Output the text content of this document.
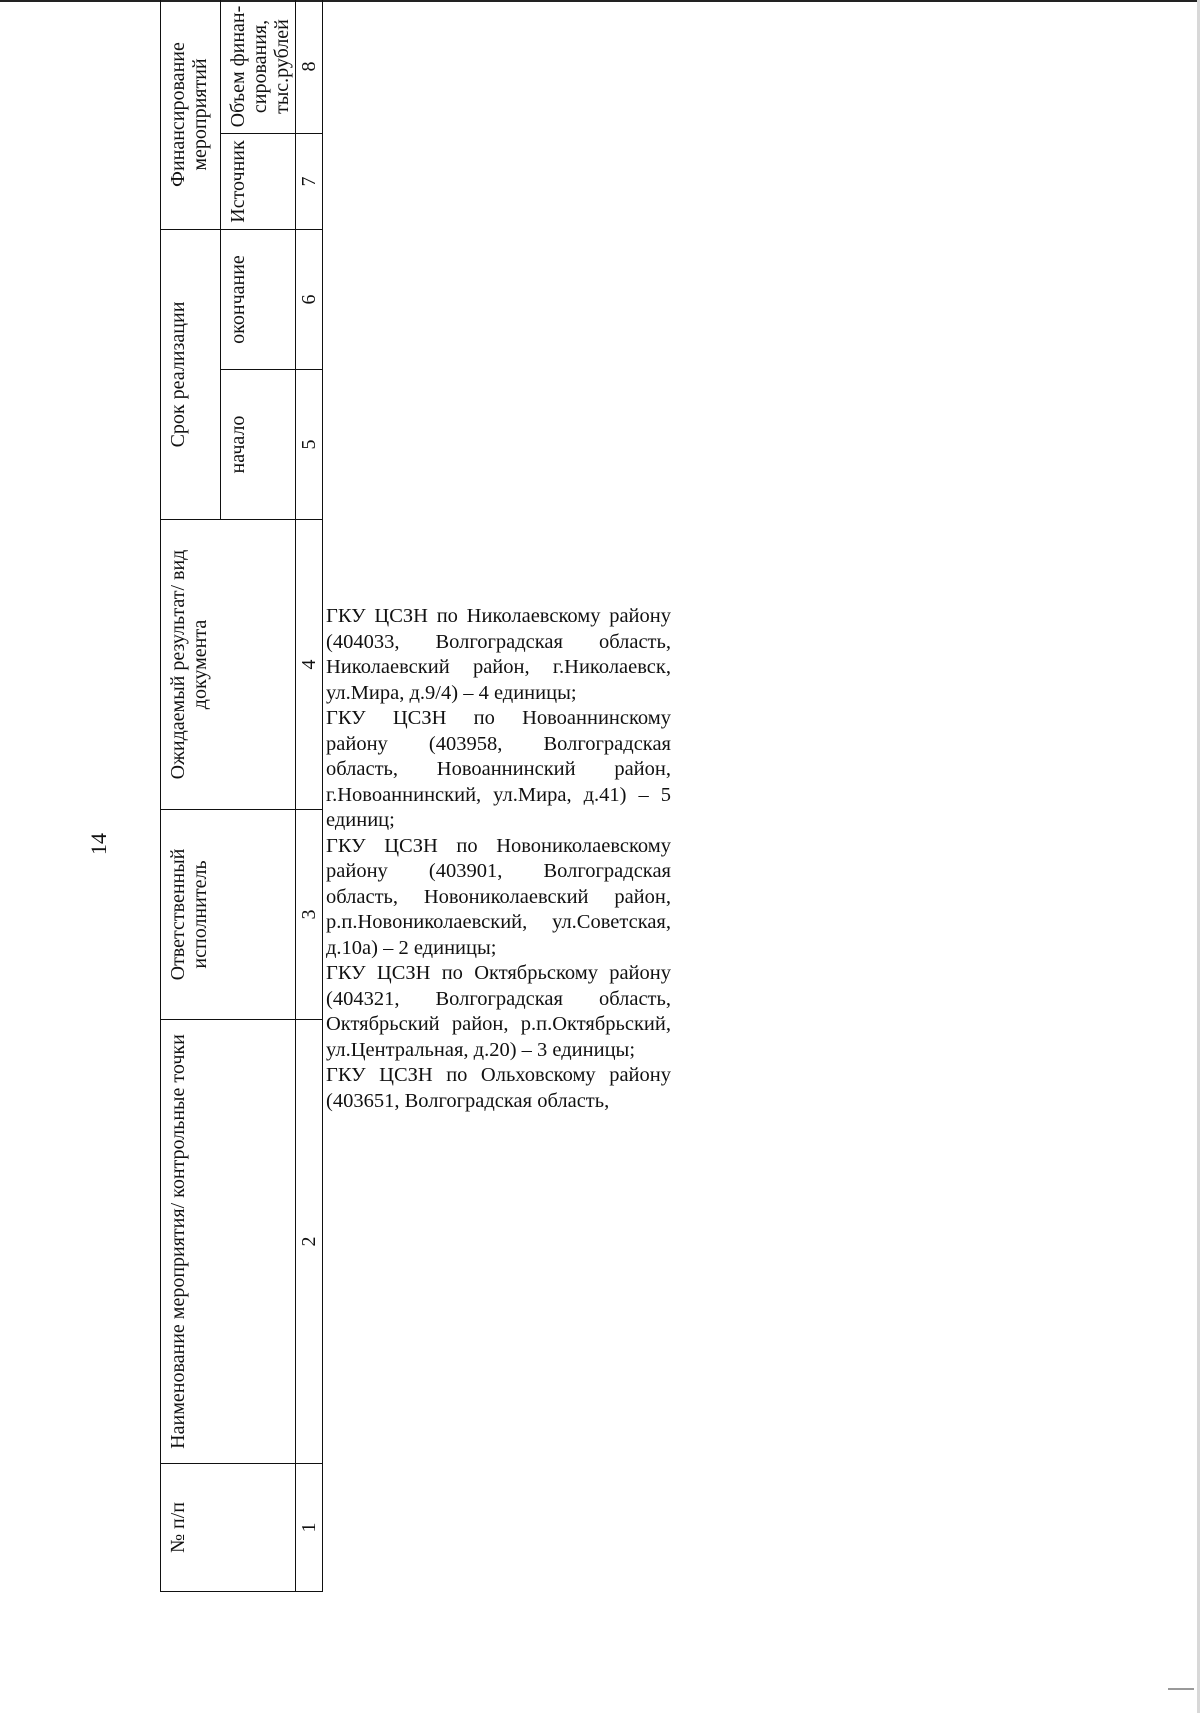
14
№ п/п	Наименование мероприятия/ контрольные точки	Ответственный исполнитель	Ожидаемый результат/ вид документа	Срок реализации		Финансирование мероприятий	
				начало	окончание	Источник	Объем финан- сирования, тыс.рублей
1	2	3	4	5	6	7	8

ГКУ ЦСЗН по Николаевскому району (404033, Волгоградская область, Николаевский район, г.Николаевск, ул.Мира, д.9/4) – 4 единицы;

ГКУ ЦСЗН по Новоаннинскому району (403958, Волгоградская область, Новоаннинский район, г.Новоаннинский, ул.Мира, д.41) – 5 единиц;

ГКУ ЦСЗН по Новониколаевскому району (403901, Волгоградская область, Новониколаевский район, р.п.Новониколаевский, ул.Советская, д.10а) – 2 единицы;

ГКУ ЦСЗН по Октябрьскому району (404321, Волгоградская область, Октябрьский район, р.п.Октябрьский, ул.Центральная, д.20) – 3 единицы;

ГКУ ЦСЗН по Ольховскому району (403651, Волгоградская область,
